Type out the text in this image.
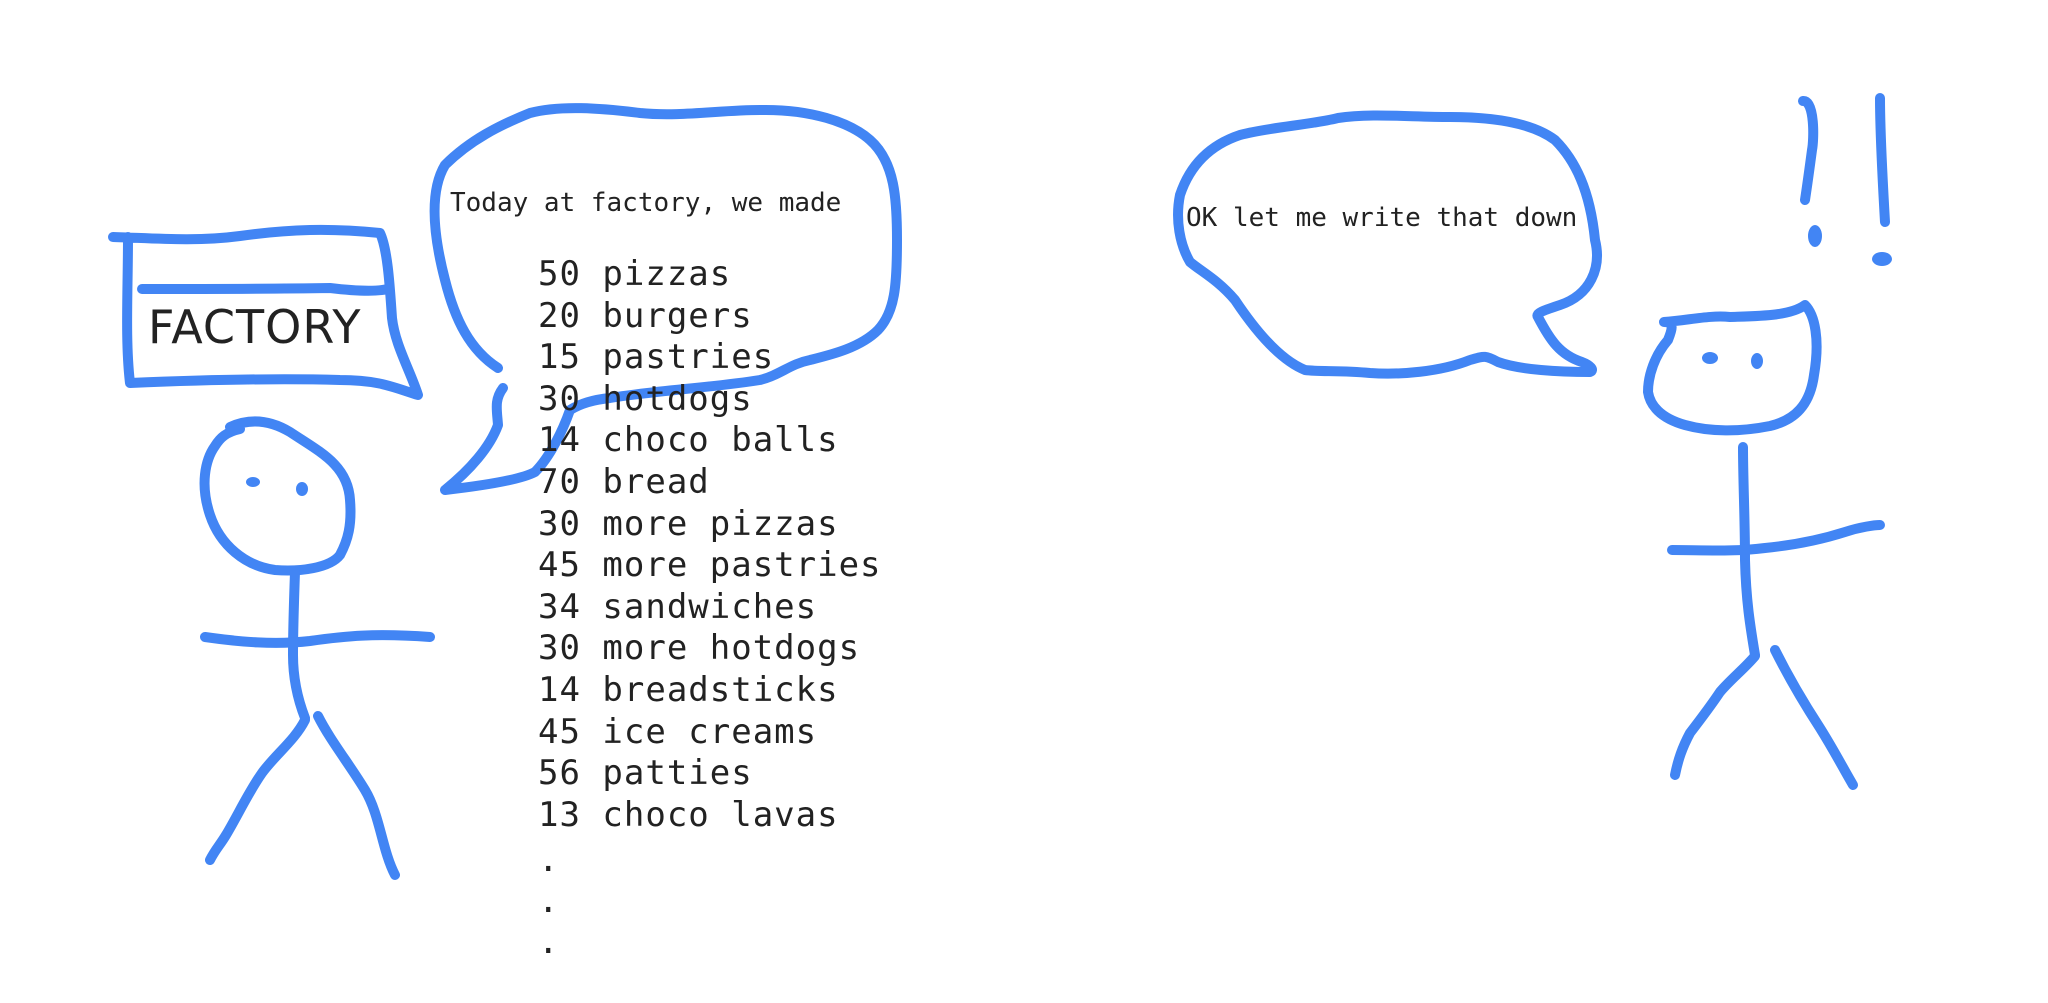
FACTORY
Today at factory, we made
50 pizzas
20 burgers
15 pastries
30 hotdogs
14 choco balls
70 bread
30 more pizzas
45 more pastries
34 sandwiches
30 more hotdogs
14 breadsticks
45 ice creams
56 patties
13 choco lavas
.
.
.
OK let me write that down
